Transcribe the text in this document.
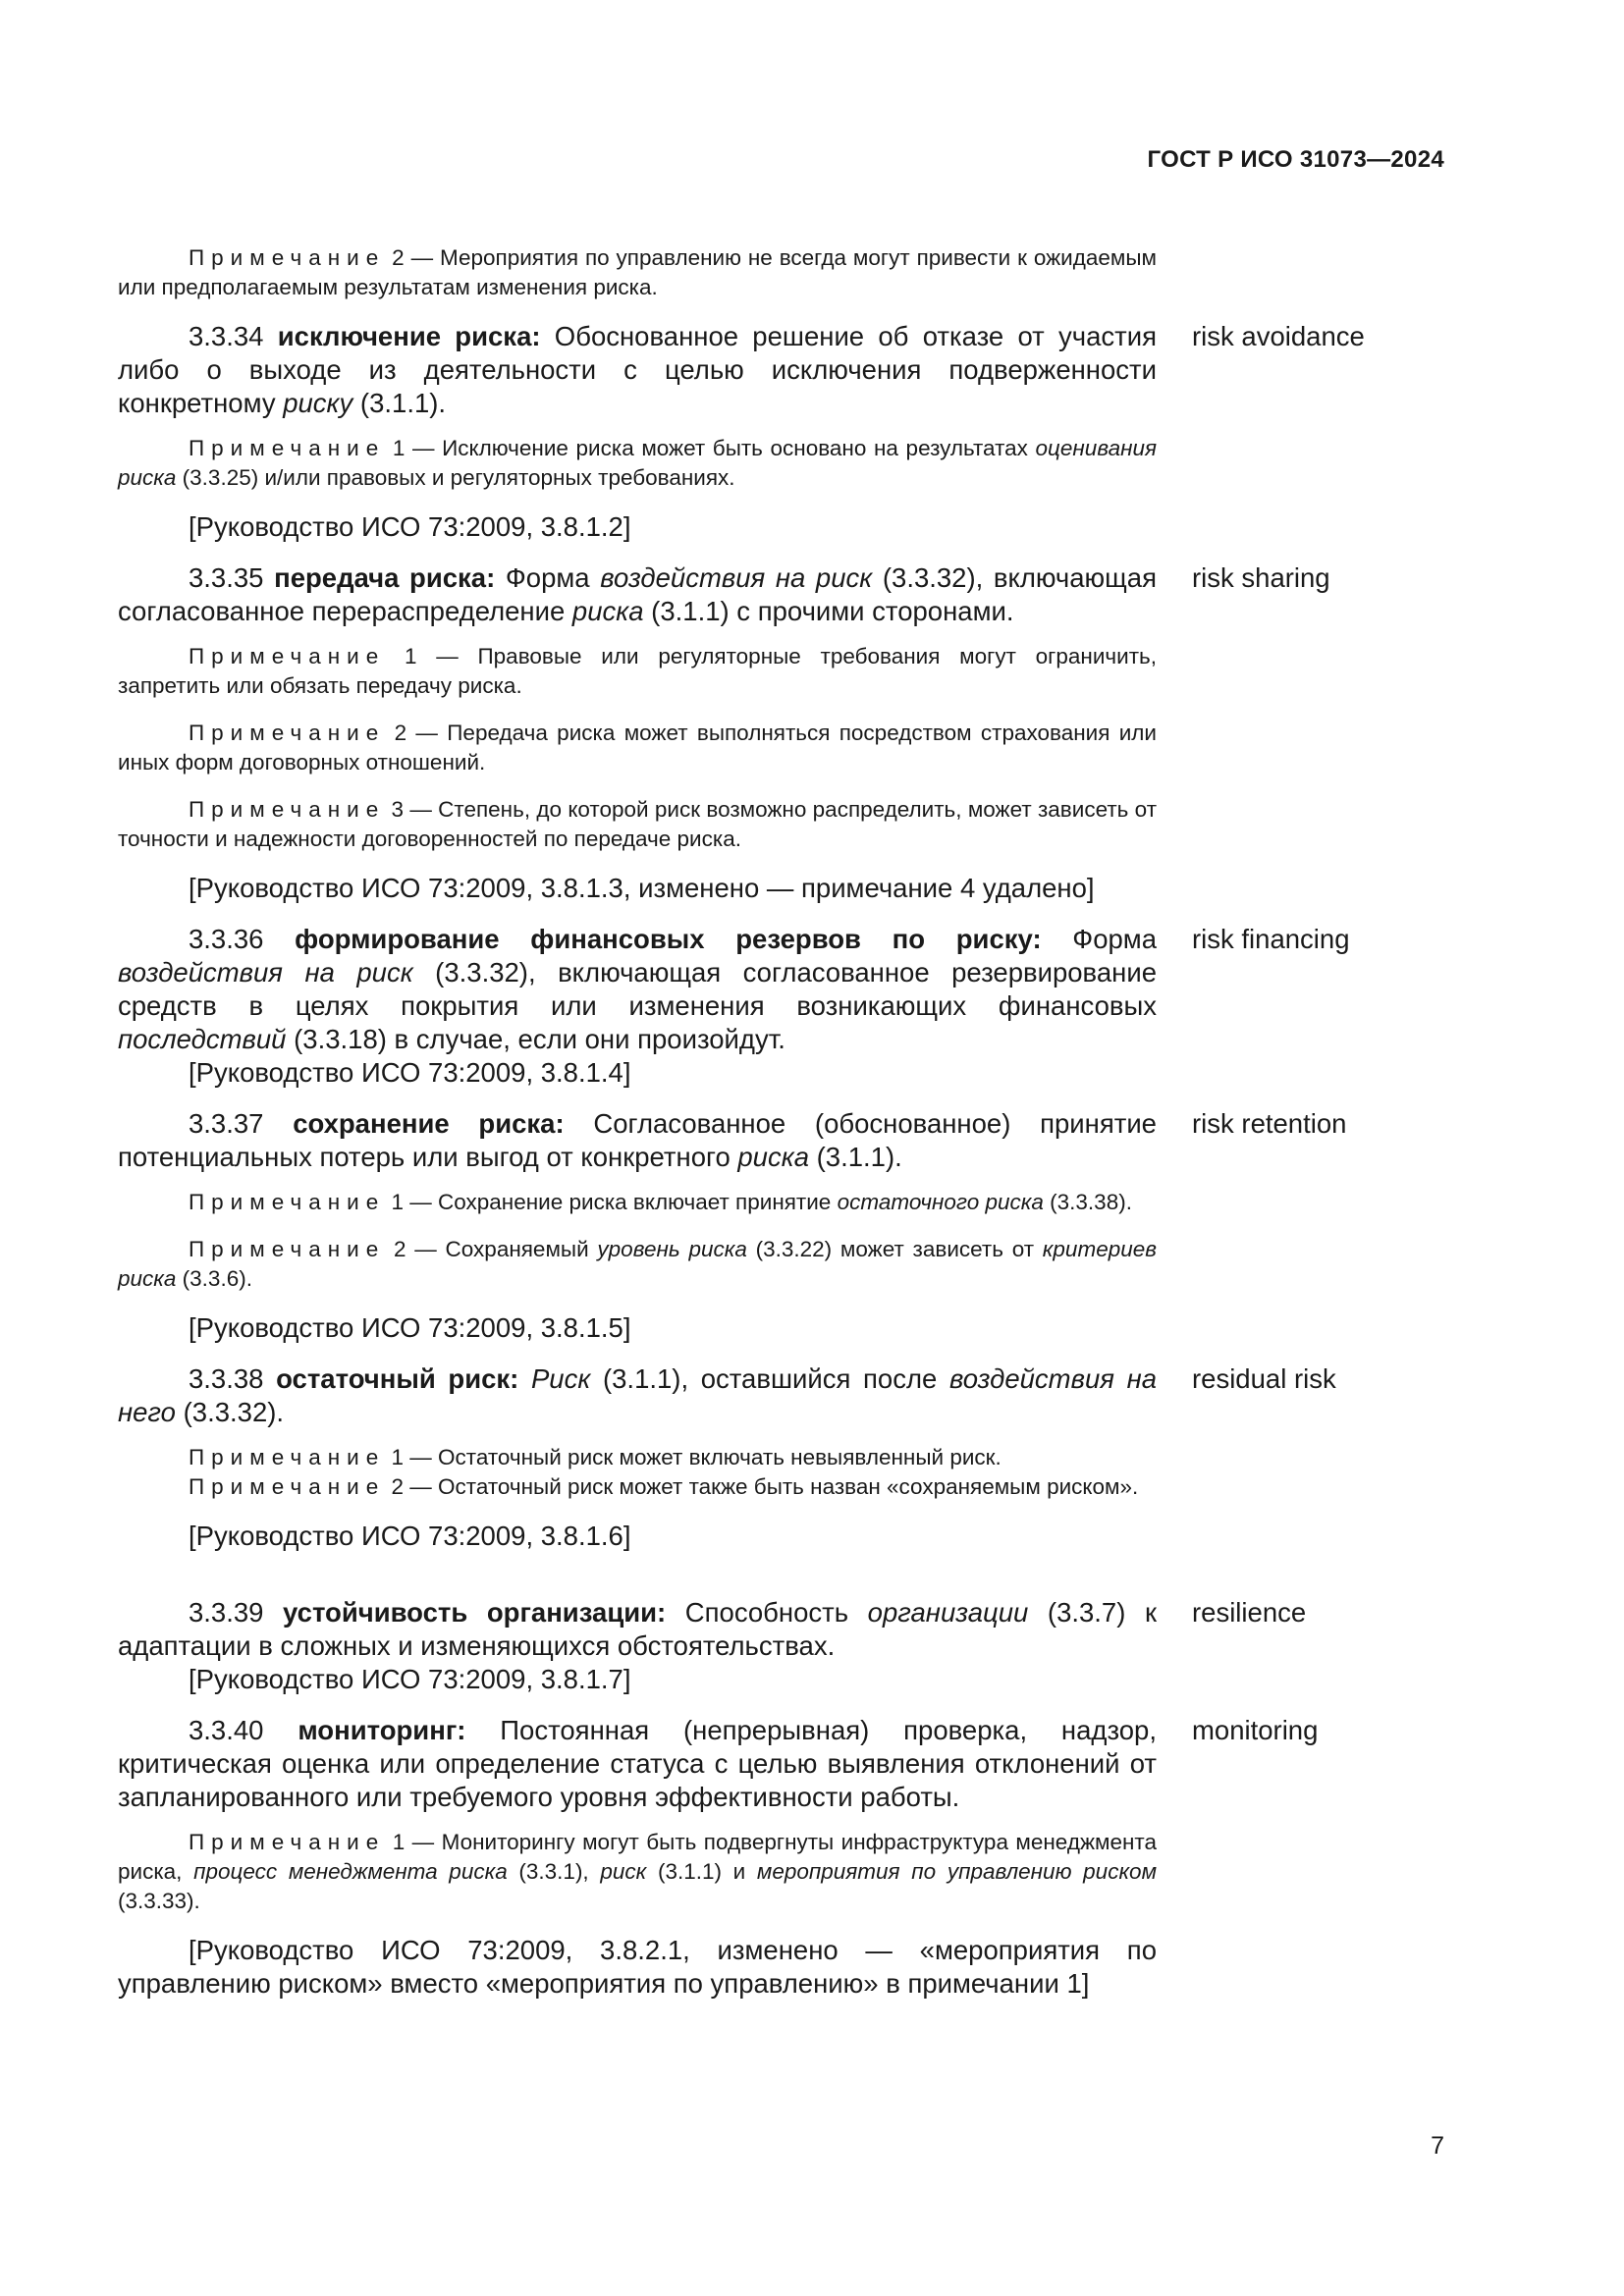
ГОСТ Р ИСО 31073—2024

Примечание 2 — Мероприятия по управлению не всегда могут привести к ожидаемым или предполагаемым результатам изменения риска.

3.3.34 исключение риска: Обоснованное решение об отказе от участия либо о выходе из деятельности с целью исключения подверженности конкретному риску (3.1.1).

risk avoidance

Примечание 1 — Исключение риска может быть основано на результатах оценивания риска (3.3.25) и/или правовых и регуляторных требованиях.

[Руководство ИСО 73:2009, 3.8.1.2]

3.3.35 передача риска: Форма воздействия на риск (3.3.32), включающая согласованное перераспределение риска (3.1.1) с прочими сторонами.

risk sharing

Примечание 1 — Правовые или регуляторные требования могут ограничить, запретить или обязать передачу риска.

Примечание 2 — Передача риска может выполняться посредством страхования или иных форм договорных отношений.

Примечание 3 — Степень, до которой риск возможно распределить, может зависеть от точности и надежности договоренностей по передаче риска.

[Руководство ИСО 73:2009, 3.8.1.3, изменено — примечание 4 удалено]

3.3.36 формирование финансовых резервов по риску: Форма воздействия на риск (3.3.32), включающая согласованное резервирование средств в целях покрытия или изменения возникающих финансовых последствий (3.3.18) в случае, если они произойдут.

[Руководство ИСО 73:2009, 3.8.1.4]

risk financing

3.3.37 сохранение риска: Согласованное (обоснованное) принятие потенциальных потерь или выгод от конкретного риска (3.1.1).

risk retention

Примечание 1 — Сохранение риска включает принятие остаточного риска (3.3.38).

Примечание 2 — Сохраняемый уровень риска (3.3.22) может зависеть от критериев риска (3.3.6).

[Руководство ИСО 73:2009, 3.8.1.5]

3.3.38 остаточный риск: Риск (3.1.1), оставшийся после воздействия на него (3.3.32).

residual risk

Примечание 1 — Остаточный риск может включать невыявленный риск.

Примечание 2 — Остаточный риск может также быть назван «сохраняемым риском».

[Руководство ИСО 73:2009, 3.8.1.6]

3.3.39 устойчивость организации: Способность организации (3.3.7) к адаптации в сложных и изменяющихся обстоятельствах.

[Руководство ИСО 73:2009, 3.8.1.7]

resilience

3.3.40 мониторинг: Постоянная (непрерывная) проверка, надзор, критическая оценка или определение статуса с целью выявления отклонений от запланированного или требуемого уровня эффективности работы.

monitoring

Примечание 1 — Мониторингу могут быть подвергнуты инфраструктура менеджмента риска, процесс менеджмента риска (3.3.1), риск (3.1.1) и мероприятия по управлению риском (3.3.33).

[Руководство ИСО 73:2009, 3.8.2.1, изменено — «мероприятия по управлению риском» вместо «мероприятия по управлению» в примечании 1]

7
